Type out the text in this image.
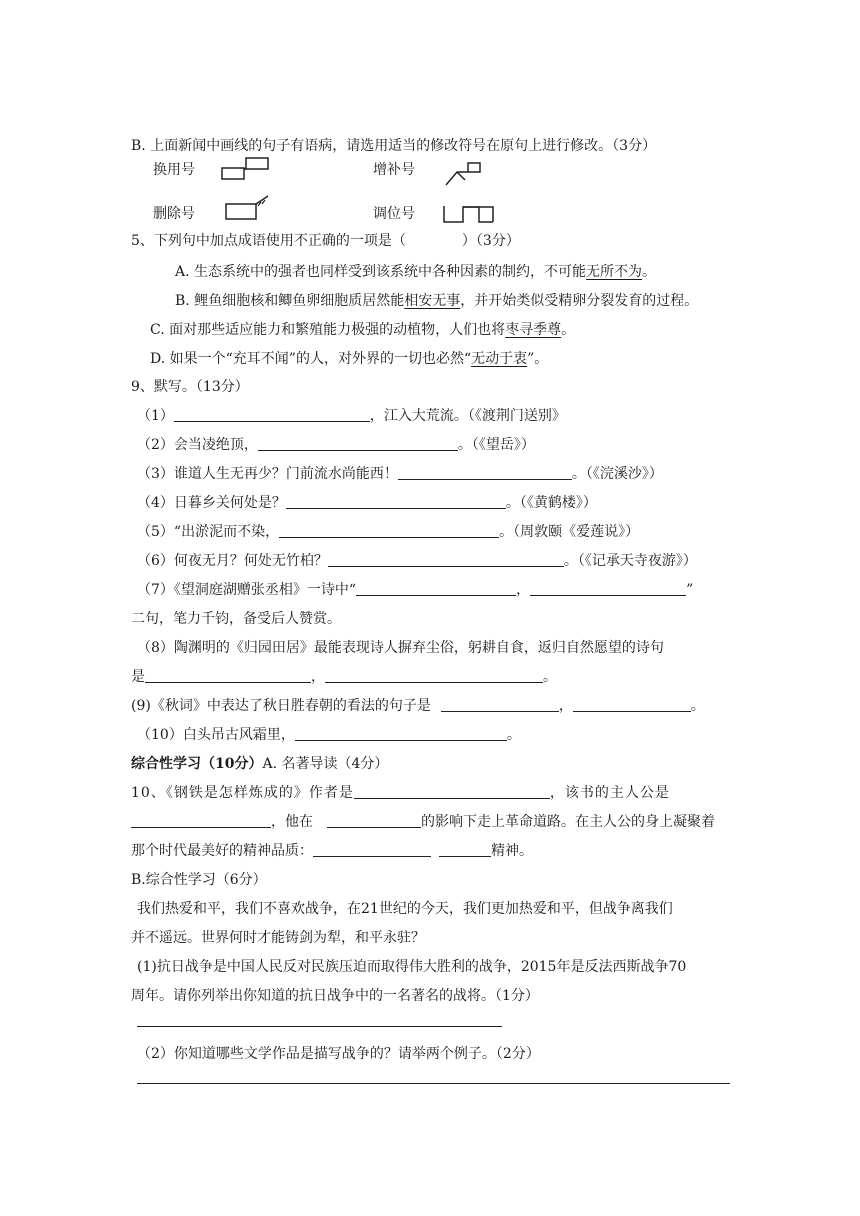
B. 上面新闻中画线的句子有语病，请选用适当的修改符号在原句上进行修改。（3分）
换用号	增补号
删除号	调位号
5、下列句中加点成语使用不正确的一项是（　　　　）（3分）
A. 生态系统中的强者也同样受到该系统中各种因素的制约，不可能无所不为。
B. 鲤鱼细胞核和鲫鱼卵细胞质居然能相安无事，并开始类似受精卵分裂发育的过程。
C. 面对那些适应能力和繁殖能力极强的动植物，人们也将枣寻季尊。
D. 如果一个“充耳不闻”的人，对外界的一切也必然“无动于衷”。
9、默写。（13分）
（1）	，江入大荒流。（《渡荆门送别》
（2）会当凌绝顶，	。（《望岳》）
（3）谁道人生无再少？门前流水尚能西！	。（《浣溪沙》）
（4）日暮乡关何处是？	。（《黄鹤楼》）
（5）“出淤泥而不染，	。（周敦颐《爱莲说》）
（6）何夜无月？何处无竹柏？	。（《记承天寺夜游》）
（7）《望洞庭湖赠张丞相》一诗中“	，	”
二句，笔力千钧，备受后人赞赏。
（8）陶渊明的《归园田居》最能表现诗人摒弃尘俗，躬耕自食，返归自然愿望的诗句
是	，	。
(9)《秋词》中表达了秋日胜春朝的看法的句子是	，	。
（10）白头吊古风霜里，	。
综合性学习（10分）A. 名著导读（4分）
10、《钢铁是怎样炼成的》作者是	，该书的主人公是
，他在	的影响下走上革命道路。在主人公的身上凝聚着
那个时代最美好的精神品质：	精神。
B.综合性学习（6分）
我们热爱和平，我们不喜欢战争，在21世纪的今天，我们更加热爱和平，但战争离我们
并不遥远。世界何时才能铸剑为犁，和平永驻？
(1)抗日战争是中国人民反对民族压迫而取得伟大胜利的战争，2015年是反法西斯战争70
周年。请你列举出你知道的抗日战争中的一名著名的战将。（1分）
（2）你知道哪些文学作品是描写战争的？请举两个例子。（2分）
